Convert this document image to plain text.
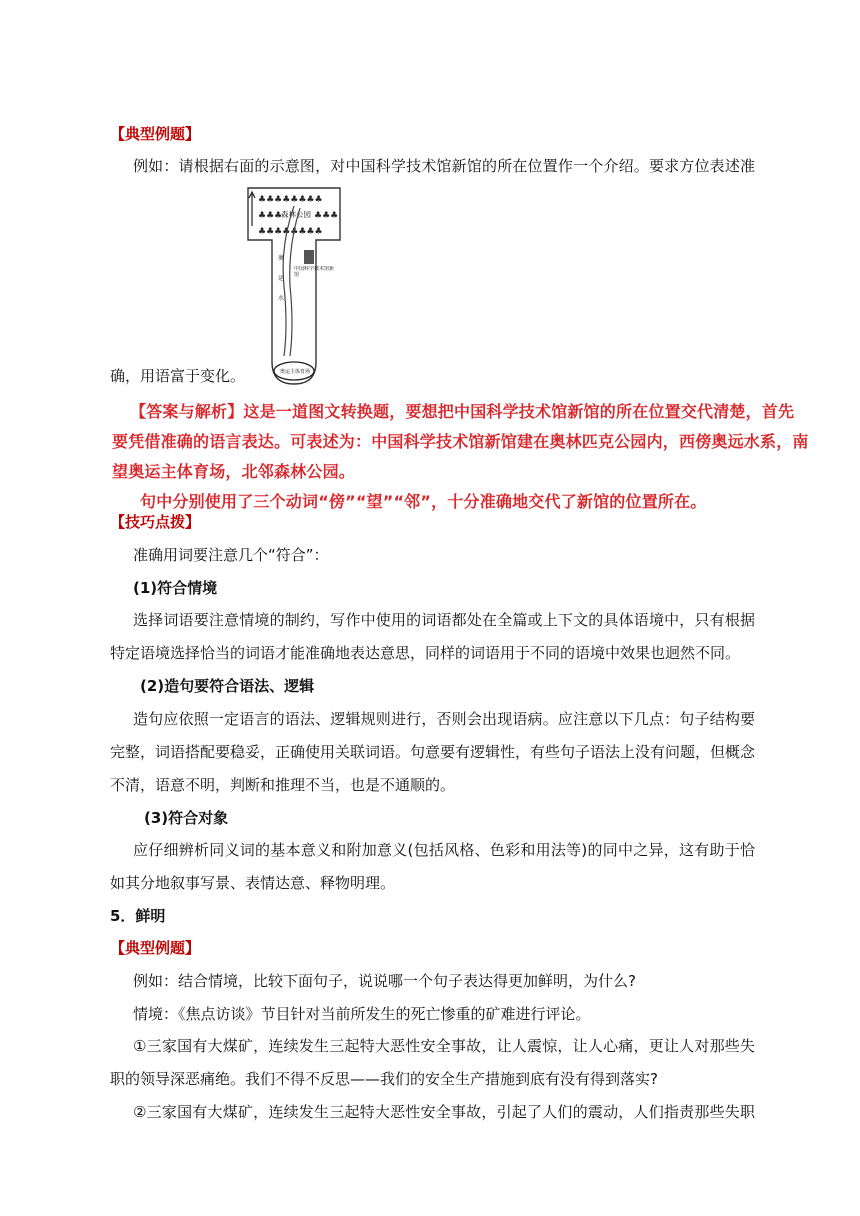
【典型例题】
例如：请根据右面的示意图，对中国科学技术馆新馆的所在位置作一个介绍。要求方位表述准
♣♣♣♣♣♣♣♣
♣♣♣	♣♣♣
♣♣♣♣♣♣♣♣
森林公园
奥运水
中国科学技术馆新馆
奥运主体育场
确，用语富于变化。
【答案与解析】这是一道图文转换题，要想把中国科学技术馆新馆的所在位置交代清楚，首先
要凭借准确的语言表达。可表述为：中国科学技术馆新馆建在奥林匹克公园内，西傍奥远水系，南
望奥运主体育场，北邻森林公园。
句中分别使用了三个动词“傍”“望”“邻”，十分准确地交代了新馆的位置所在。
【技巧点拨】
准确用词要注意几个“符合”：
(1)符合情境
选择词语要注意情境的制约，写作中使用的词语都处在全篇或上下文的具体语境中，只有根据
特定语境选择恰当的词语才能准确地表达意思，同样的词语用于不同的语境中效果也迥然不同。
(2)造句要符合语法、逻辑
造句应依照一定语言的语法、逻辑规则进行，否则会出现语病。应注意以下几点：句子结构要
完整，词语搭配要稳妥，正确使用关联词语。句意要有逻辑性，有些句子语法上没有问题，但概念
不清，语意不明，判断和推理不当，也是不通顺的。
(3)符合对象
应仔细辨析同义词的基本意义和附加意义(包括风格、色彩和用法等)的同中之异，这有助于恰
如其分地叙事写景、表情达意、释物明理。
5．鲜明
【典型例题】
例如：结合情境，比较下面句子，说说哪一个句子表达得更加鲜明，为什么?
情境：《焦点访谈》节目针对当前所发生的死亡惨重的矿难进行评论。
①三家国有大煤矿，连续发生三起特大恶性安全事故，让人震惊，让人心痛，更让人对那些失
职的领导深恶痛绝。我们不得不反思——我们的安全生产措施到底有没有得到落实?
②三家国有大煤矿，连续发生三起特大恶性安全事故，引起了人们的震动，人们指责那些失职
